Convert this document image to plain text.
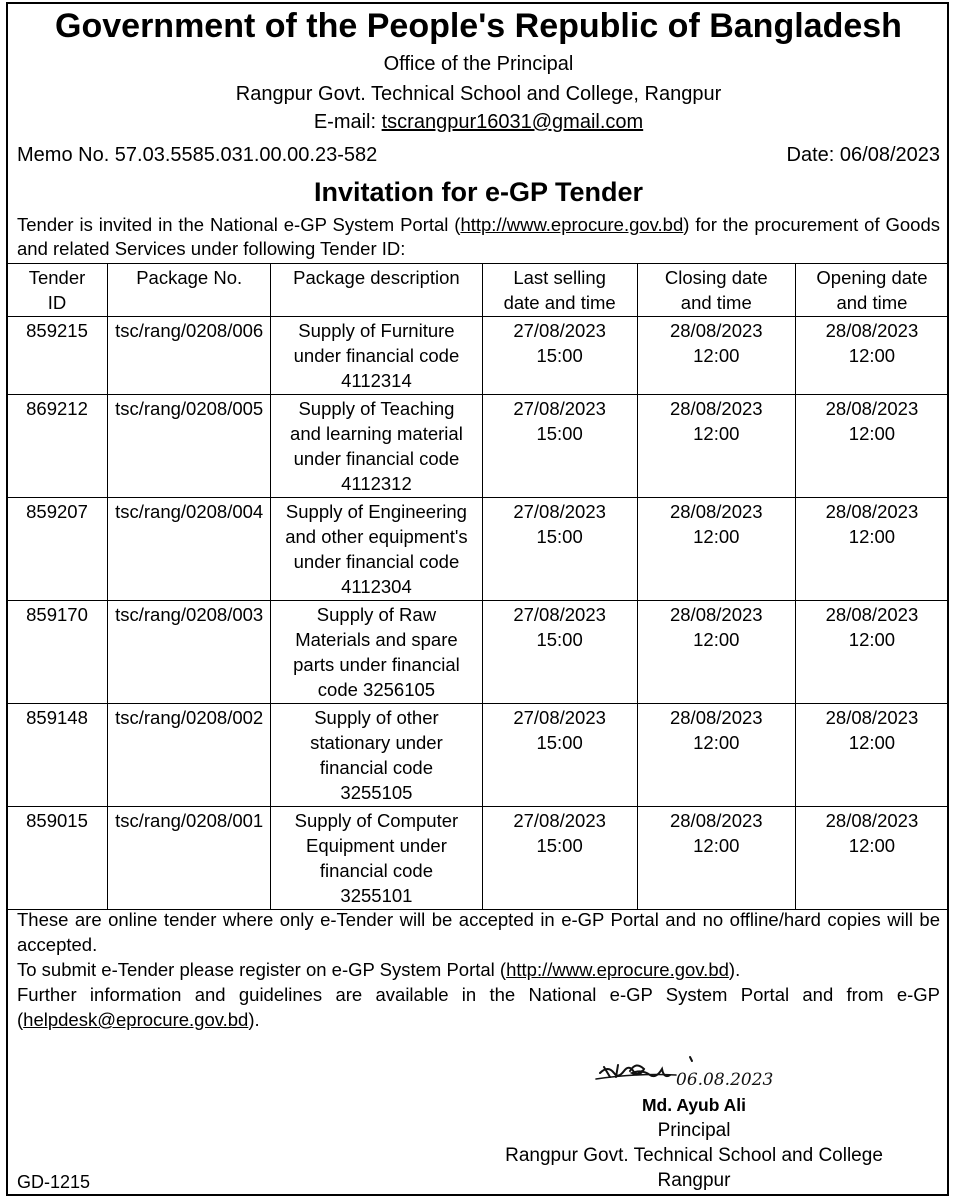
Government of the People's Republic of Bangladesh
Office of the Principal
Rangpur Govt. Technical School and College, Rangpur
E-mail: tscrangpur16031@gmail.com
Memo No. 57.03.5585.031.00.00.23-582	Date: 06/08/2023
Invitation for e-GP Tender
Tender is invited in the National e-GP System Portal (http://www.eprocure.gov.bd) for the procurement of Goods and related Services under following Tender ID:
Tender
ID	Package No.	Package description	Last selling
date and time	Closing date
and time	Opening date
and time

859215	tsc/rang/0208/006	Supply of Furniture
under financial code
4112314	27/08/2023
15:00	28/08/2023
12:00	28/08/2023
12:00

869212	tsc/rang/0208/005	Supply of Teaching
and learning material
under financial code
4112312	27/08/2023
15:00	28/08/2023
12:00	28/08/2023
12:00

859207	tsc/rang/0208/004	Supply of Engineering
and other equipment's
under financial code
4112304	27/08/2023
15:00	28/08/2023
12:00	28/08/2023
12:00

859170	tsc/rang/0208/003	Supply of Raw
Materials and spare
parts under financial
code 3256105	27/08/2023
15:00	28/08/2023
12:00	28/08/2023
12:00

859148	tsc/rang/0208/002	Supply of other
stationary under
financial code
3255105	27/08/2023
15:00	28/08/2023
12:00	28/08/2023
12:00

859015	tsc/rang/0208/001	Supply of Computer
Equipment under
financial code
3255101	27/08/2023
15:00	28/08/2023
12:00	28/08/2023
12:00

These are online tender where only e-Tender will be accepted in e-GP Portal and no offline/hard copies will be accepted.

To submit e-Tender please register on e-GP System Portal (http://www.eprocure.gov.bd).

Further information and guidelines are available in the National e-GP System Portal and from e-GP (helpdesk@eprocure.gov.bd).

06.08.2023
Md. Ayub Ali
Principal
Rangpur Govt. Technical School and College
Rangpur
GD-1215
